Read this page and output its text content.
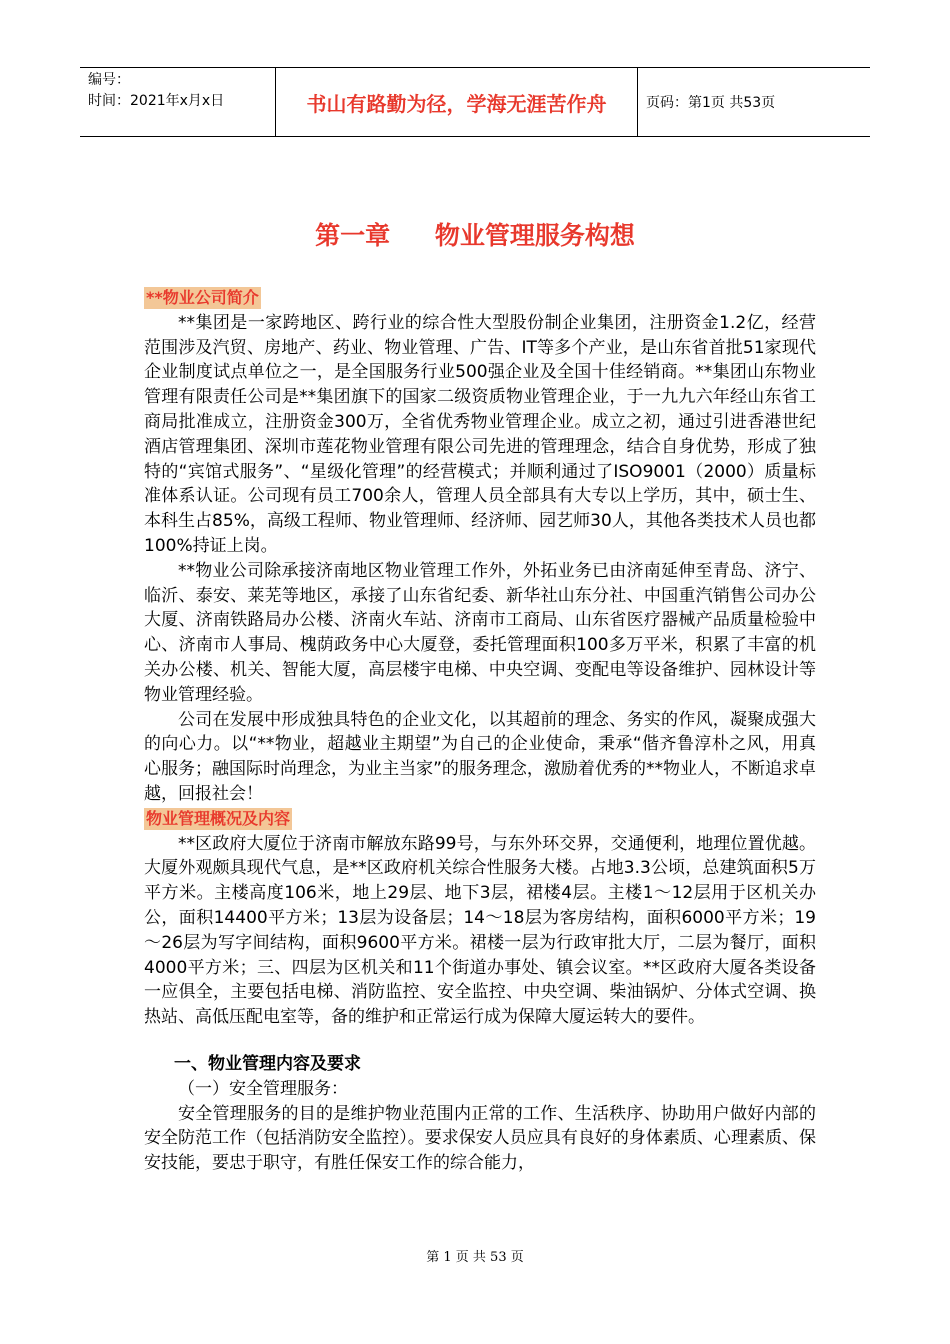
编号：
时间：2021年x月x日	书山有路勤为径，学海无涯苦作舟	页码：第1页 共53页
第一章 物业管理服务构想
**物业公司简介

**集团是一家跨地区、跨行业的综合性大型股份制企业集团，注册资金1.2亿，经营范围涉及汽贸、房地产、药业、物业管理、广告、IT等多个产业，是山东省首批51家现代企业制度试点单位之一，是全国服务行业500强企业及全国十佳经销商。**集团山东物业管理有限责任公司是**集团旗下的国家二级资质物业管理企业，于一九九六年经山东省工商局批准成立，注册资金300万，全省优秀物业管理企业。成立之初，通过引进香港世纪酒店管理集团、深圳市莲花物业管理有限公司先进的管理理念，结合自身优势，形成了独特的“宾馆式服务”、“星级化管理”的经营模式；并顺利通过了ISO9001（2000）质量标准体系认证。公司现有员工700余人，管理人员全部具有大专以上学历，其中，硕士生、本科生占85%，高级工程师、物业管理师、经济师、园艺师30人，其他各类技术人员也都100%持证上岗。

**物业公司除承接济南地区物业管理工作外，外拓业务已由济南延伸至青岛、济宁、临沂、泰安、莱芜等地区，承接了山东省纪委、新华社山东分社、中国重汽销售公司办公大厦、济南铁路局办公楼、济南火车站、济南市工商局、山东省医疗器械产品质量检验中心、济南市人事局、槐荫政务中心大厦登，委托管理面积100多万平米，积累了丰富的机关办公楼、机关、智能大厦，高层楼宇电梯、中央空调、变配电等设备维护、园林设计等物业管理经验。

公司在发展中形成独具特色的企业文化，以其超前的理念、务实的作风，凝聚成强大的向心力。以“**物业，超越业主期望”为自己的企业使命，秉承“偕齐鲁淳朴之风，用真心服务；融国际时尚理念，为业主当家”的服务理念，激励着优秀的**物业人，不断追求卓越，回报社会！

物业管理概况及内容

**区政府大厦位于济南市解放东路99号，与东外环交界，交通便利，地理位置优越。大厦外观颇具现代气息，是**区政府机关综合性服务大楼。占地3.3公顷，总建筑面积5万平方米。主楼高度106米，地上29层、地下3层，裙楼4层。主楼1～12层用于区机关办公，面积14400平方米；13层为设备层；14～18层为客房结构，面积6000平方米；19～26层为写字间结构，面积9600平方米。裙楼一层为行政审批大厅，二层为餐厅，面积4000平方米；三、四层为区机关和11个街道办事处、镇会议室。**区政府大厦各类设备一应俱全，主要包括电梯、消防监控、安全监控、中央空调、柴油锅炉、分体式空调、换热站、高低压配电室等，备的维护和正常运行成为保障大厦运转大的要件。

一、物业管理内容及要求
（一）安全管理服务：

安全管理服务的目的是维护物业范围内正常的工作、生活秩序、协助用户做好内部的安全防范工作（包括消防安全监控）。要求保安人员应具有良好的身体素质、心理素质、保安技能，要忠于职守，有胜任保安工作的综合能力，

第 1 页 共 53 页
